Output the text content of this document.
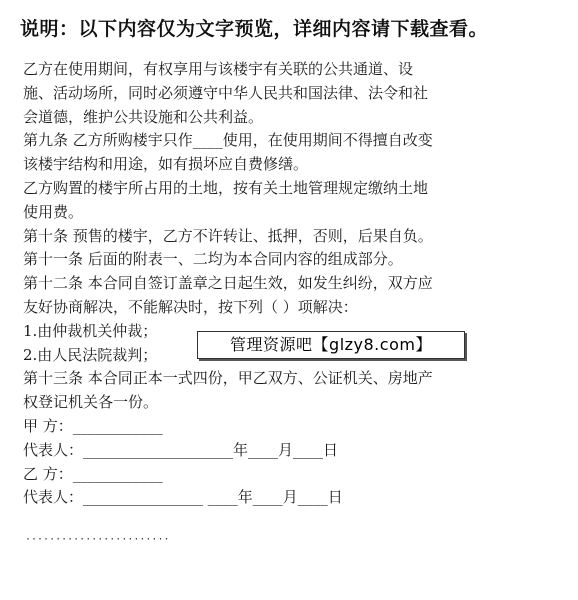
说明：以下内容仅为文字预览，详细内容请下载查看。
乙方在使用期间，有权享用与该楼宇有关联的公共通道、设
施、活动场所，同时必须遵守中华人民共和国法律、法令和社
会道德，维护公共设施和公共利益。
第九条 乙方所购楼宇只作____使用，在使用期间不得擅自改变
该楼宇结构和用途，如有损坏应自费修缮。
乙方购置的楼宇所占用的土地，按有关土地管理规定缴纳土地
使用费。
第十条 预售的楼宇，乙方不许转让、抵押，否则，后果自负。
第十一条 后面的附表一、二均为本合同内容的组成部分。
第十二条 本合同自签订盖章之日起生效，如发生纠纷，双方应
友好协商解决，不能解决时，按下列（ ）项解决：
1.由仲裁机关仲裁；
2.由人民法院裁判；
第十三条 本合同正本一式四份，甲乙双方、公证机关、房地产
权登记机关各一份。
甲 方：____________
代表人：____________________年____月____日
乙 方：____________
代表人：________________ ____年____月____日
管理资源吧【glzy8.com】
························
